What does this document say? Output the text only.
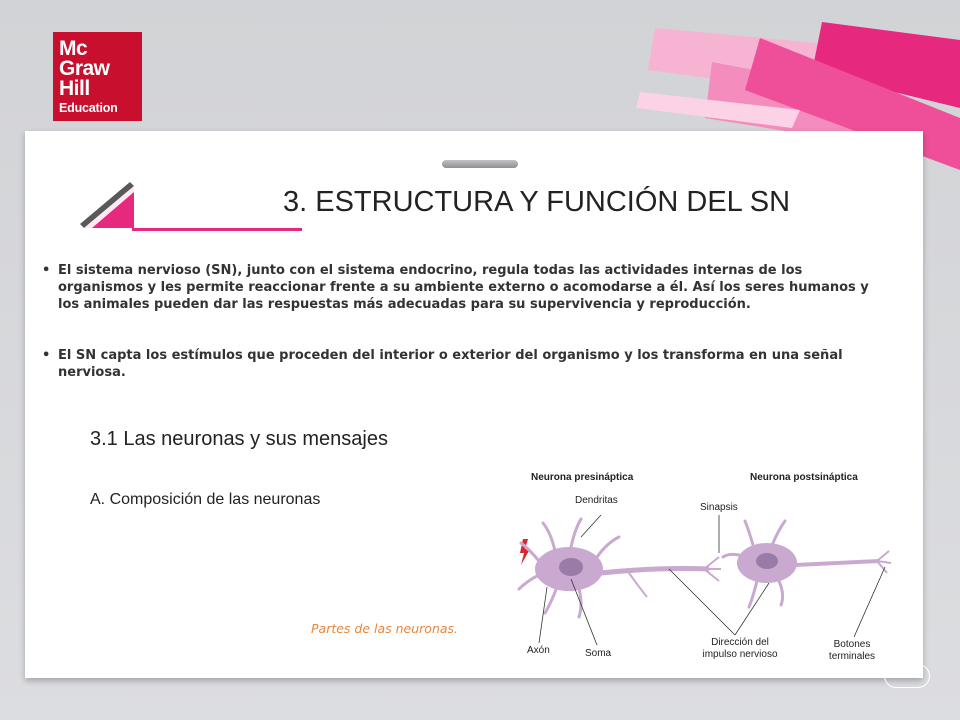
Mc
Graw
Hill
Education
3. ESTRUCTURA Y FUNCIÓN DEL SN
• El sistema nervioso (SN), junto con el sistema endocrino, regula todas las actividades internas de los organismos y les permite reaccionar frente a su ambiente externo o acomodarse a él. Así los seres humanos y los animales pueden dar las respuestas más adecuadas para su supervivencia y reproducción.
• El SN capta los estímulos que proceden del interior o exterior del organismo y los transforma en una señal nerviosa.
3.1 Las neuronas y sus mensajes
A. Composición de las neuronas
Partes de las neuronas.
Neurona presináptica	Neurona postsináptica
Dendritas
Sinapsis
Axón	Soma
Dirección del
impulso nervioso
Botones
terminales
